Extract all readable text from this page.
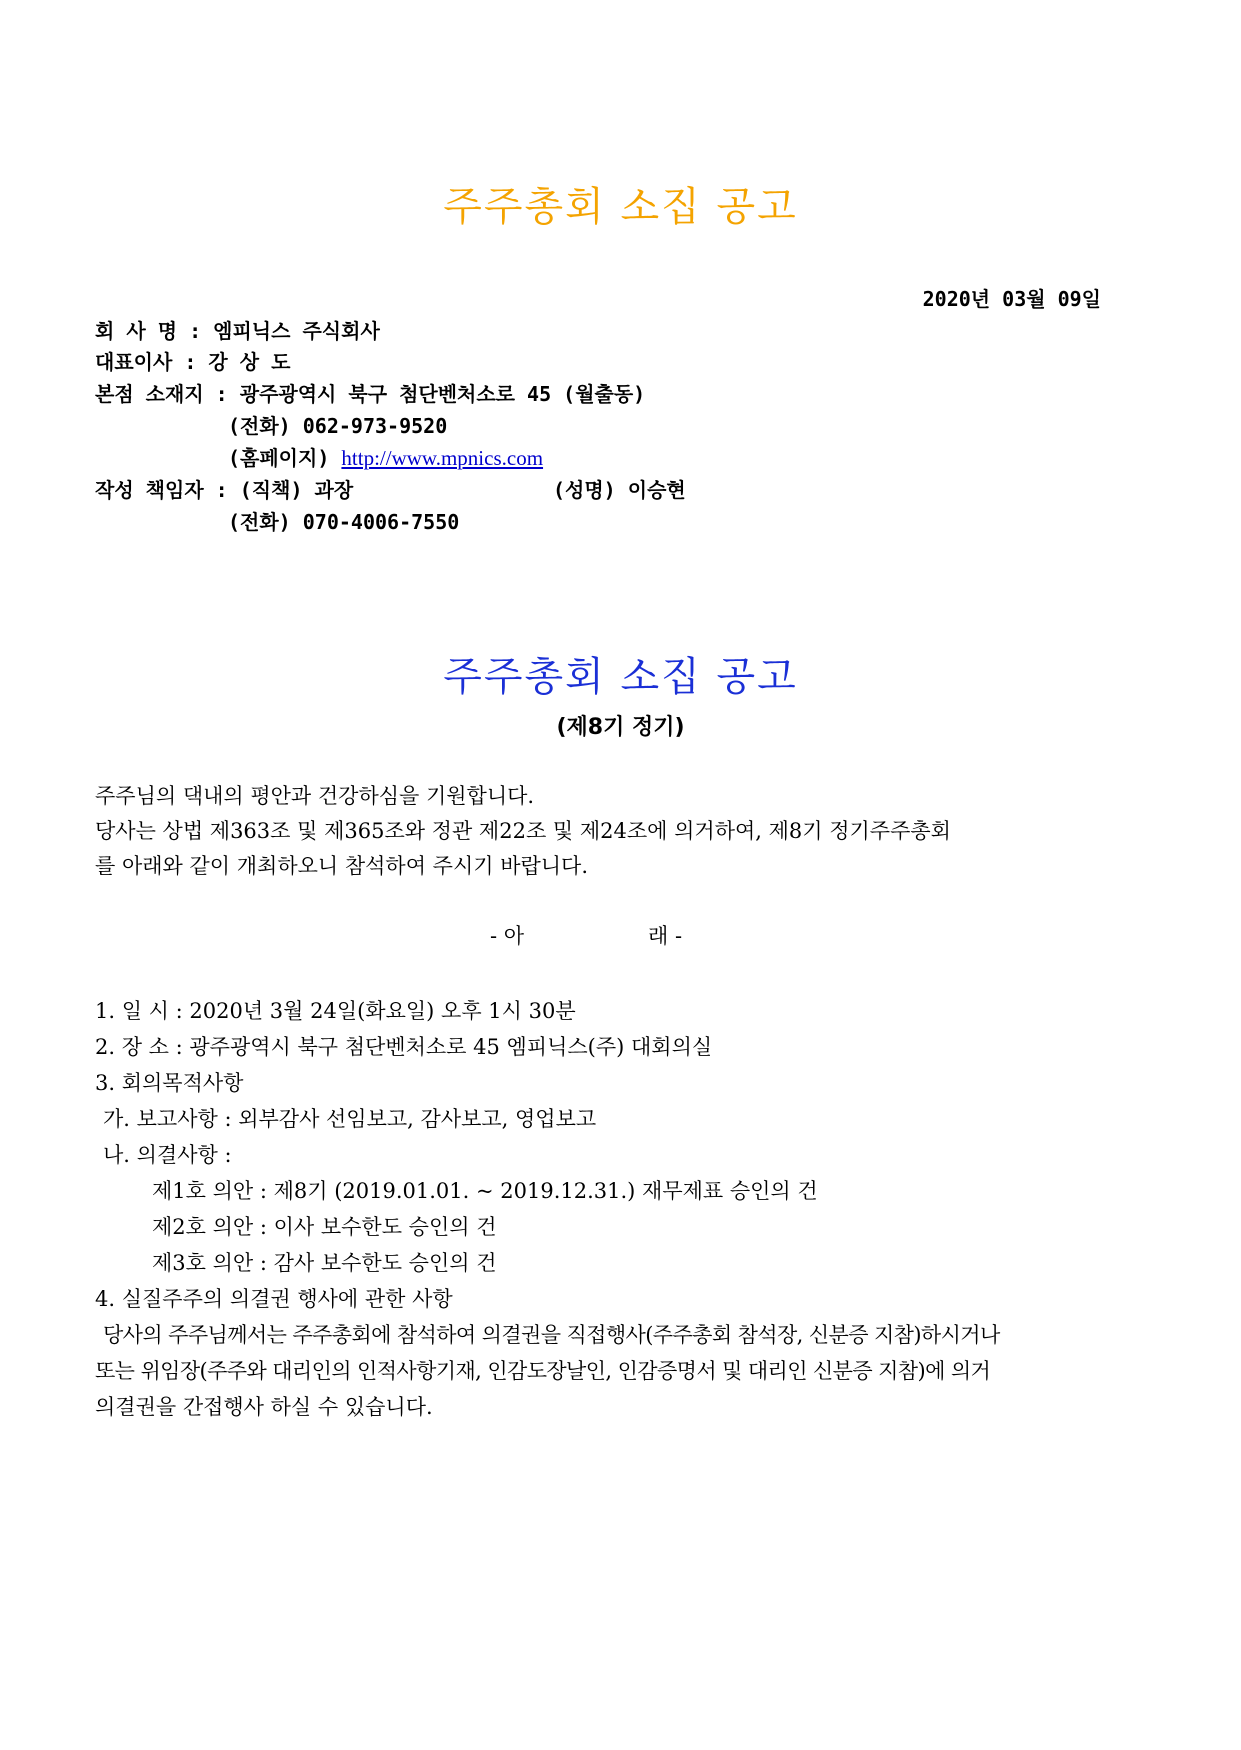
주주총회 소집 공고
2020년 03월 09일
회 사 명 : 엠피닉스 주식회사
대표이사 : 강 상 도
본점 소재지 : 광주광역시 북구 첨단벤처소로 45 (월출동)
(전화) 062-973-9520
(홈페이지) http://www.mpnics.com
작성 책임자 : (직책) 과장	(성명) 이승현
(전화) 070-4006-7550
주주총회 소집 공고
(제8기 정기)
주주님의 댁내의 평안과 건강하심을 기원합니다.
당사는 상법 제363조 및 제365조와 정관 제22조 및 제24조에 의거하여, 제8기 정기주주총회
를 아래와 같이 개최하오니 참석하여 주시기 바랍니다.
- 아	래 -
1. 일 시 : 2020년 3월 24일(화요일) 오후 1시 30분
2. 장 소 : 광주광역시 북구 첨단벤처소로 45 엠피닉스(주) 대회의실
3. 회의목적사항
가. 보고사항 : 외부감사 선임보고, 감사보고, 영업보고
나. 의결사항 :
제1호 의안 : 제8기 (2019.01.01. ~ 2019.12.31.) 재무제표 승인의 건
제2호 의안 : 이사 보수한도 승인의 건
제3호 의안 : 감사 보수한도 승인의 건
4. 실질주주의 의결권 행사에 관한 사항
당사의 주주님께서는 주주총회에 참석하여 의결권을 직접행사(주주총회 참석장, 신분증 지참)하시거나
또는 위임장(주주와 대리인의 인적사항기재, 인감도장날인, 인감증명서 및 대리인 신분증 지참)에 의거
의결권을 간접행사 하실 수 있습니다.
